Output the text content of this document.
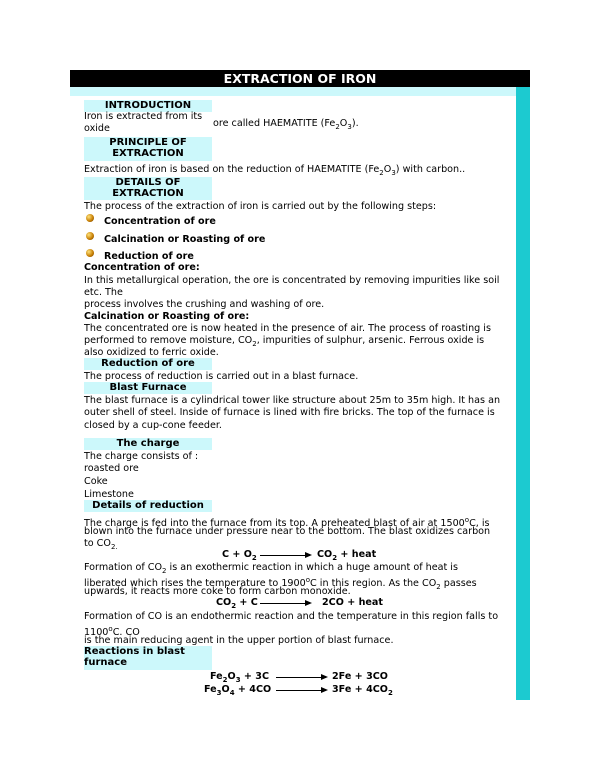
EXTRACTION OF IRON
INTRODUCTION
Iron is extracted from its
oxide	ore called HAEMATITE $(Fe_2O_3)$.
PRINCIPLE OF EXTRACTION
Extraction of iron is based on the reduction of HAEMATITE $(Fe_2O_3)$ with carbon..
DETAILS OF EXTRACTION
The process of the extraction of iron is carried out by the following steps:
Concentration of ore
Calcination or Roasting of ore
Reduction of ore
Concentration of ore:
In this metallurgical operation, the ore is concentrated by removing impurities like soil
etc. The
process involves the crushing and washing of ore.
Calcination or Roasting of ore:
The concentrated ore is now heated in the presence of air. The process of roasting is
performed to remove moisture, $CO_2$, impurities of sulphur, arsenic. Ferrous oxide is
also oxidized to ferric oxide.
Reduction of ore
The process of reduction is carried out in a blast furnace.
Blast Furnace
The blast furnace is a cylindrical tower like structure about 25m to 35m high. It has an
outer shell of steel. Inside of furnace is lined with fire bricks. The top of the furnace is
closed by a cup-cone feeder.
The charge
The charge consists of :
roasted ore
Coke
Limestone
Details of reduction
The charge is fed into the furnace from its top. A preheated blast of air at 1500$^o$C, is
blown into the furnace under pressure near to the bottom. The blast oxidizes carbon
to $CO_{2.}$
$C + O_2 \to CO_2$ + heat
Formation of $CO_2$ is an exothermic reaction in which a huge amount of heat is
liberated which rises the temperature to 1900$^o$C in this region. As the $CO_2$ passes
upwards, it reacts more coke to form carbon monoxide.
$CO_2 + C \to 2CO$ + heat
Formation of CO is an endothermic reaction and the temperature in this region falls to
1100$^o$C. CO
is the main reducing agent in the upper portion of blast furnace.
Reactions in blast furnace
$Fe_2O_3 + 3C \to 2Fe + 3CO$
$Fe_3O_4 + 4CO \to 3Fe + 4CO_2$
